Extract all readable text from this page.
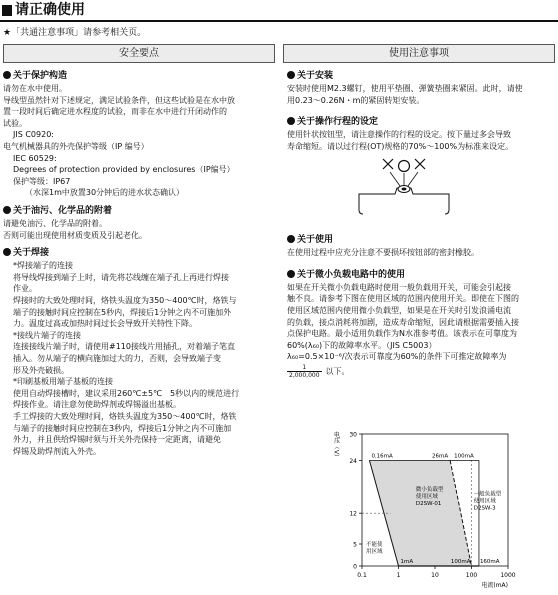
请正确使用
★「共通注意事项」请参考相关页。
安全要点	使用注意事项

关于保护构造

请勿在水中使用。

导线型虽然针对下述规定，满足试验条件，但这些试验是在水中放

置一段时间后确定进水程度的试验，而非在水中进行开闭动作的

试验。

JIS C0920:

电气机械器具的外壳保护等级（IP 编号）

IEC 60529:

Degrees of protection provided by enclosures（IP编号）

保护等级：IP67

（水深1m中放置30分钟后的进水状态确认）

关于油污、化学品的附着

请避免油污、化学品的附着。

否则可能出现使用材质变质及引起老化。

关于焊接

*焊接端子的连接

将导线焊接到端子上时，请先将芯线缠在端子孔上再进行焊接

作业。

焊接时的大致处理时间，烙铁头温度为350～400℃时，烙铁与

端子的接触时间应控制在5秒内，焊接后1分钟之内不可施加外

力。温度过高或加热时间过长会导致开关特性下降。

*接线片端子的连接

连接接线片端子时，请使用#110接线片用插孔，对着端子笔直

插入。勿从端子的横向施加过大的力，否则，会导致端子变

形及外壳破损。

*印刷基板用端子基板的连接

使用自动焊接槽时，建议采用260℃±5℃　5秒以内的规范进行

焊接作业。请注意勿使助焊剂或焊锡溢出基板。

手工焊接的大致处理时间，烙铁头温度为350～400℃时，烙铁

与端子的接触时间应控制在3秒内，焊接后1分钟之内不可施加

外力，并且供给焊锡时须与开关外壳保持一定距离，请避免

焊锡及助焊剂流入外壳。

关于安装

安装时使用M2.3螺钉，使用平垫圈、弹簧垫圈来紧固。此时，请使

用0.23～0.26N・m的紧固转矩安装。

关于操作行程的设定

使用针状按钮型，请注意操作的行程的设定。按下量过多会导致

寿命缩短。请以过行程(OT)规格的70%～100%为标准来设定。

关于使用

在使用过程中应充分注意不要损坏按钮部的密封橡胶。

关于微小负载电路中的使用

如果在开关微小负载电路时使用一般负载用开关，可能会引起接

触不良。请参考下图在使用区域的范围内使用开关。即使在下图的

使用区域范围内使用微小负载型，如果是在开关时引发浪涌电流

的负载，接点消耗将加剧，造成寿命缩短，因此请根据需要插入接

点保护电路。最小适用负载作为N水准参考值。该表示在可靠度为

60%(λ₆₀)下的故障率水平。（JIS C5003）

λ₆₀=0.5×10⁻⁶/次表示可靠度为60%的条件下可推定故障率为

$\frac{1}{2,000,000}$ 以下。
0
5
12
24
30
0.1	1	10	100	1000
电流(mA)
电压（V）	0.16mA	26mA 100mA
1mA	100mA 160mA
微小负载型
使用区域
D2SW-01
一般负载型
使用区域
D2SW-3
不能使
用区域
